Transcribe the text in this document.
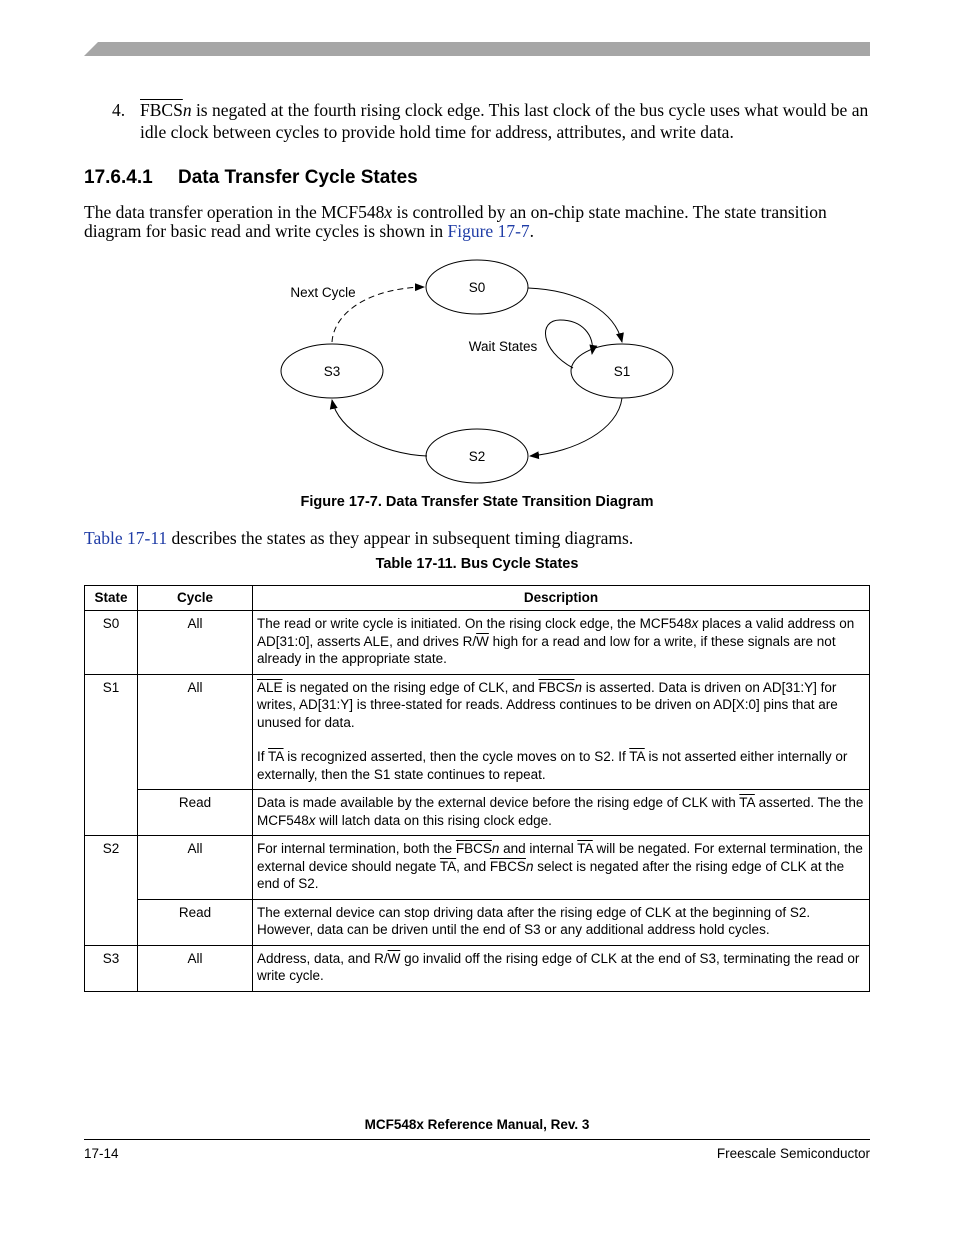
4. FBCSn is negated at the fourth rising clock edge. This last clock of the bus cycle uses what would be an idle clock between cycles to provide hold time for address, attributes, and write data.
17.6.4.1 Data Transfer Cycle States
The data transfer operation in the MCF548x is controlled by an on-chip state machine. The state transition diagram for basic read and write cycles is shown in Figure 17-7.
S0
S1
S2
S3
Next Cycle
Wait States
Figure 17-7. Data Transfer State Transition Diagram
Table 17-11 describes the states as they appear in subsequent timing diagrams.
Table 17-11. Bus Cycle States
State	Cycle	Description
S0	All	The read or write cycle is initiated. On the rising clock edge, the MCF548x places a valid address on AD[31:0], asserts ALE, and drives $R/\overline{W}$ high for a read and low for a write, if these signals are not already in the appropriate state.
S1	All	$\overline{ALE}$ is negated on the rising edge of CLK, and FBCSn is asserted. Data is driven on AD[31:Y] for writes, AD[31:Y] is three-stated for reads. Address continues to be driven on AD[X:0] pins that are unused for data.

If $\overline{TA}$ is recognized asserted, then the cycle moves on to S2. If $\overline{TA}$ is not asserted either internally or externally, then the S1 state continues to repeat.

	Read	Data is made available by the external device before the rising edge of CLK with $\overline{TA}$ asserted. The the MCF548x will latch data on this rising clock edge.
S2	All	For internal termination, both the FBCSn and internal $\overline{TA}$ will be negated. For external termination, the external device should negate $\overline{TA}$, and FBCSn select is negated after the rising edge of CLK at the end of S2.
	Read	The external device can stop driving data after the rising edge of CLK at the beginning of S2. However, data can be driven until the end of S3 or any additional address hold cycles.
S3	All	Address, data, and $R/\overline{W}$ go invalid off the rising edge of CLK at the end of S3, terminating the read or write cycle.
MCF548x Reference Manual, Rev. 3
17-14	Freescale Semiconductor
